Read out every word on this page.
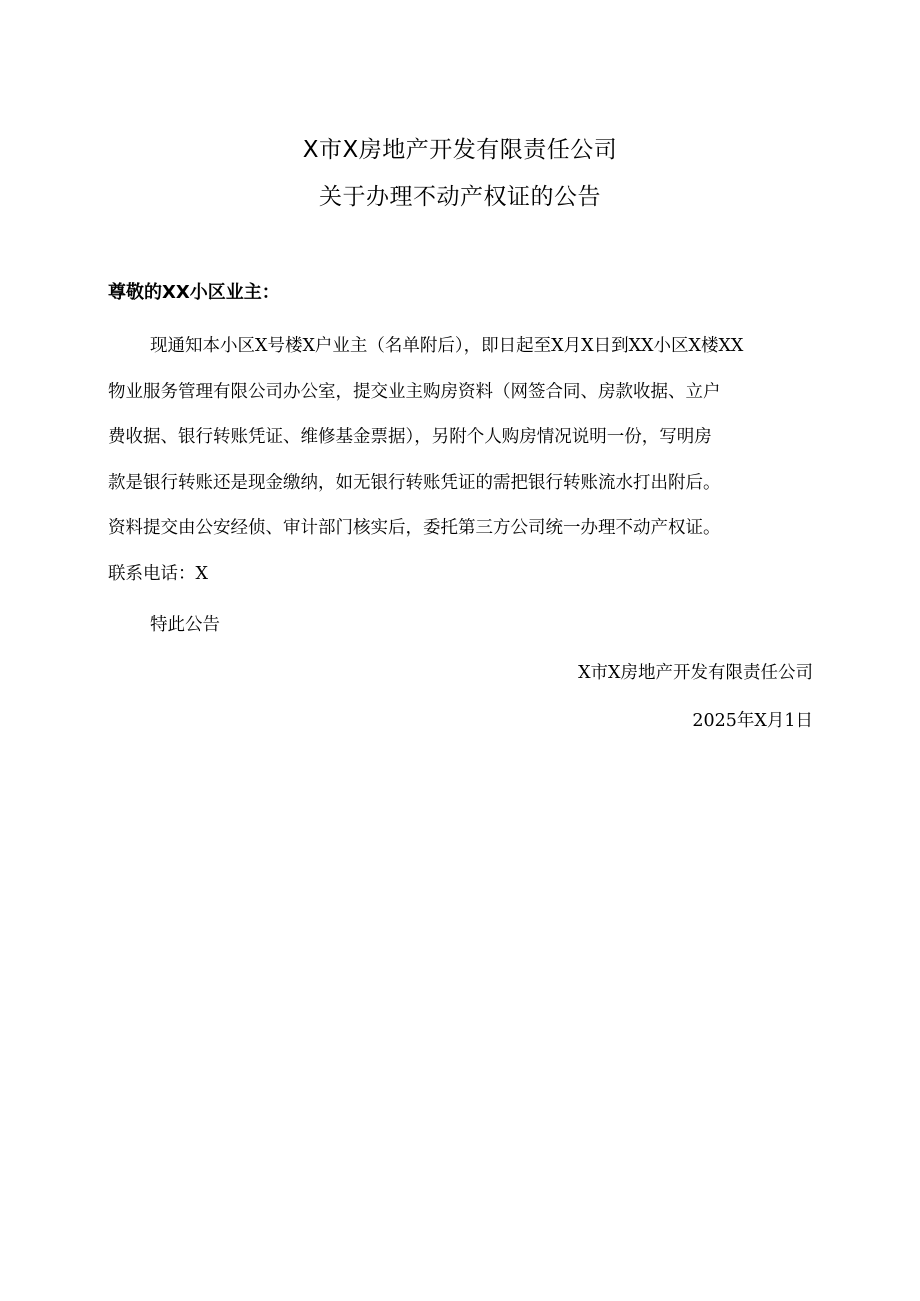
X市X房地产开发有限责任公司
关于办理不动产权证的公告
尊敬的XX小区业主：
现通知本小区X号楼X户业主（名单附后），即日起至X月X日到XX小区X楼XX
物业服务管理有限公司办公室，提交业主购房资料（网签合同、房款收据、立户
费收据、银行转账凭证、维修基金票据），另附个人购房情况说明一份，写明房
款是银行转账还是现金缴纳，如无银行转账凭证的需把银行转账流水打出附后。
资料提交由公安经侦、审计部门核实后，委托第三方公司统一办理不动产权证。
联系电话：X
特此公告
X市X房地产开发有限责任公司
2025年X月1日
